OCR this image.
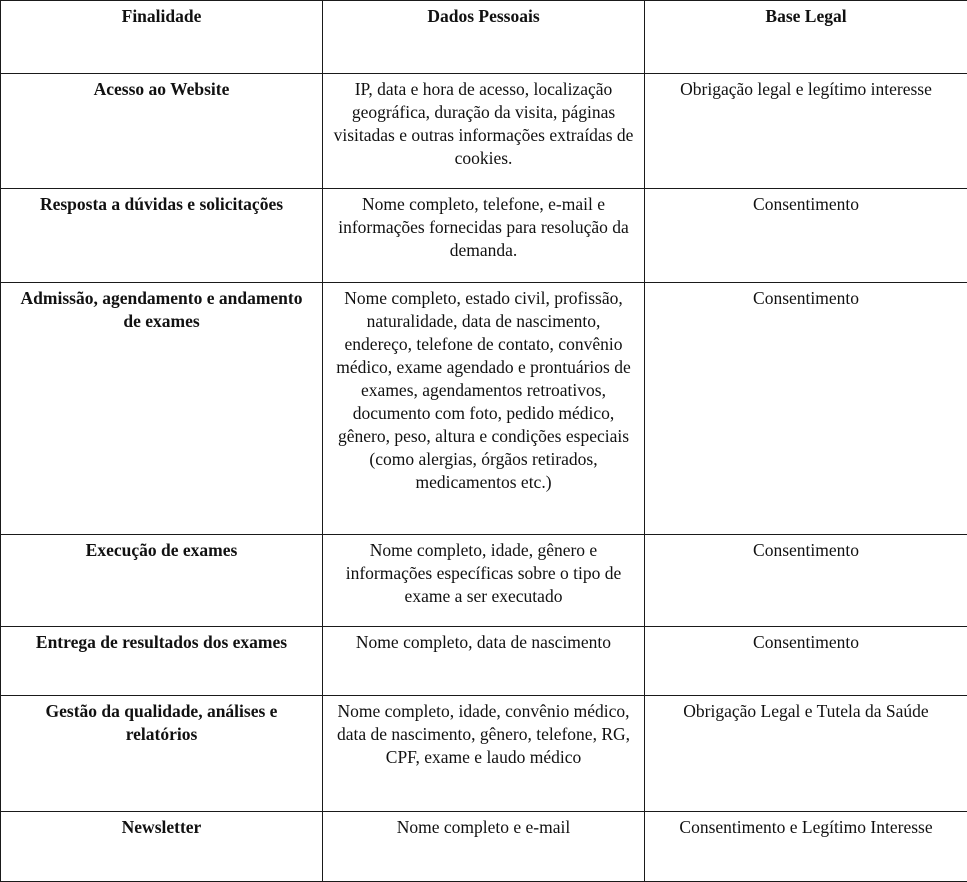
Finalidade	Dados Pessoais	Base Legal
Acesso ao Website	IP, data e hora de acesso, localização geográfica, duração da visita, páginas visitadas e outras informações extraídas de cookies.	Obrigação legal e legítimo interesse
Resposta a dúvidas e solicitações	Nome completo, telefone, e-mail e informações fornecidas para resolução da demanda.	Consentimento
Admissão, agendamento e andamento de exames	Nome completo, estado civil, profissão, naturalidade, data de nascimento, endereço, telefone de contato, convênio médico, exame agendado e prontuários de exames, agendamentos retroativos, documento com foto, pedido médico, gênero, peso, altura e condições especiais (como alergias, órgãos retirados, medicamentos etc.)	Consentimento
Execução de exames	Nome completo, idade, gênero e informações específicas sobre o tipo de exame a ser executado	Consentimento
Entrega de resultados dos exames	Nome completo, data de nascimento	Consentimento
Gestão da qualidade, análises e relatórios	Nome completo, idade, convênio médico, data de nascimento, gênero, telefone, RG, CPF, exame e laudo médico	Obrigação Legal e Tutela da Saúde
Newsletter	Nome completo e e-mail	Consentimento e Legítimo Interesse
